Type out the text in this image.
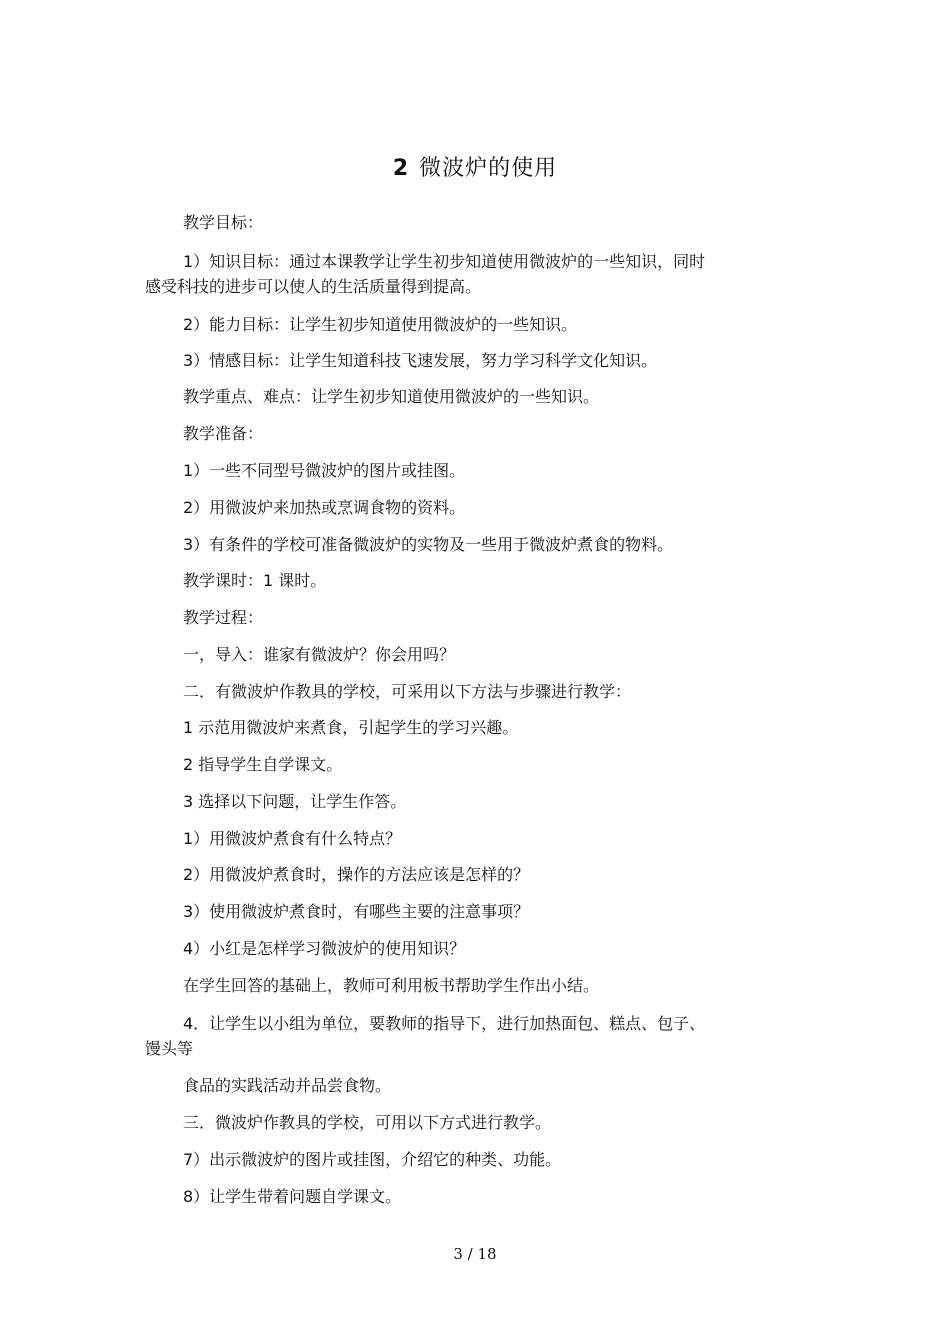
2 微波炉的使用
教学目标：
1）知识目标：通过本课教学让学生初步知道使用微波炉的一些知识，同时
感受科技的进步可以使人的生活质量得到提高。
2）能力目标：让学生初步知道使用微波炉的一些知识。
3）情感目标：让学生知道科技飞速发展，努力学习科学文化知识。
教学重点、难点：让学生初步知道使用微波炉的一些知识。
教学准备：
1）一些不同型号微波炉的图片或挂图。
2）用微波炉来加热或烹调食物的资料。
3）有条件的学校可准备微波炉的实物及一些用于微波炉煮食的物料。
教学课时：1 课时。
教学过程：
一，导入：谁家有微波炉？你会用吗？
二．有微波炉作教具的学校，可采用以下方法与步骤进行教学：
1 示范用微波炉来煮食，引起学生的学习兴趣。
2 指导学生自学课文。
3 选择以下问题，让学生作答。
1）用微波炉煮食有什么特点？
2）用微波炉煮食时，操作的方法应该是怎样的？
3）使用微波炉煮食时，有哪些主要的注意事项？
4）小红是怎样学习微波炉的使用知识？
在学生回答的基础上，教师可利用板书帮助学生作出小结。
4．让学生以小组为单位，要教师的指导下，进行加热面包、糕点、包子、
馒头等
食品的实践活动并品尝食物。
三．微波炉作教具的学校，可用以下方式进行教学。
7）出示微波炉的图片或挂图，介绍它的种类、功能。
8）让学生带着问题自学课文。
3 / 18
